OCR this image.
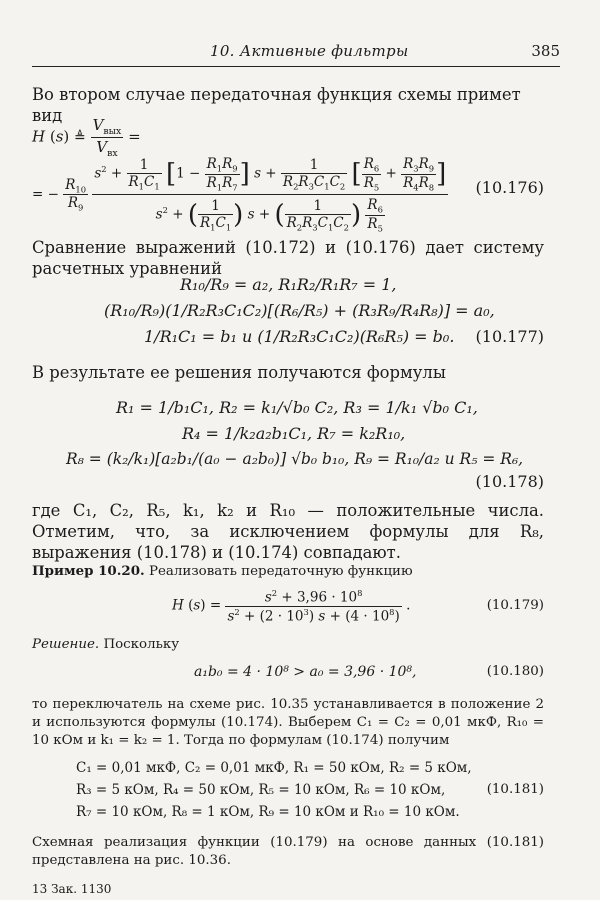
10. Активные фильтры	385
Во втором случае передаточная функция схемы примет вид
H (s) ≜
$V_{вых}$
$V_{вх}$
=
= − $\frac{R_{10}}{R_9}$

$s^2 + \frac{1}{R_1C_1} [1 - \frac{R_1R_9}{R_1R_7}$ ] $s + \frac{1}{R_2R_3C_1C_2}$ [ $\frac{R_6}{R_5} + \frac{R_3R_9}{R_4R_8}$ ]
$s^2$ + ( $\frac{1}{R_1C_1}$ ) s + ( $\frac{1}{R_2R_3C_1C_2}$ ) $\frac{R_6}{R_5}$
(10.176)
Сравнение выражений (10.172) и (10.176) дает систему расчетных уравнений
R₁₀/R₉ = a₂, R₁R₂/R₁R₇ = 1,
(R₁₀/R₉)(1/R₂R₃C₁C₂)[(R₆/R₅) + (R₃R₉/R₄R₈)] = a₀,
1/R₁C₁ = b₁ и (1/R₂R₃C₁C₂)(R₆R₅) = b₀. (10.177)
В результате ее решения получаются формулы
R₁ = 1/b₁C₁, R₂ = k₁/√b₀ C₂, R₃ = 1/k₁ √b₀ C₁,
R₄ = 1/k₂a₂b₁C₁, R₇ = k₂R₁₀,
R₈ = (k₂/k₁)[a₂b₁/(a₀ − a₂b₀)] √b₀ b₁₀, R₉ = R₁₀/a₂ и R₅ = R₆,
(10.178)
где C₁, C₂, R₅, k₁, k₂ и R₁₀ — положительные числа. Отметим, что, за исключением формулы для R₈, выражения (10.178) и (10.174) совпадают.
Пример 10.20. Реализовать передаточную функцию
H $(s) = \frac{s^2 + 3,96 \cdot 10^8}{s^2 + (2 \cdot 10^3) s + (4 \cdot 10^8)}$ .	(10.179)
Решение. Поскольку
a₁b₀ = 4 · 10⁸ > a₀ = 3,96 · 10⁸,	(10.180)
то переключатель на схеме рис. 10.35 устанавливается в положение 2 и используются формулы (10.174). Выберем C₁ = C₂ = 0,01 мкФ, R₁₀ = 10 кОм и k₁ = k₂ = 1. Тогда по формулам (10.174) получим
C₁ = 0,01 мкФ, C₂ = 0,01 мкФ, R₁ = 50 кОм, R₂ = 5 кОм,
R₃ = 5 кОм, R₄ = 50 кОм, R₅ = 10 кОм, R₆ = 10 кОм,
R₇ = 10 кОм, R₈ = 1 кОм, R₉ = 10 кОм и R₁₀ = 10 кОм.
(10.181)
Схемная реализация функции (10.179) на основе данных (10.181) представлена на рис. 10.36.
13 Зак. 1130
